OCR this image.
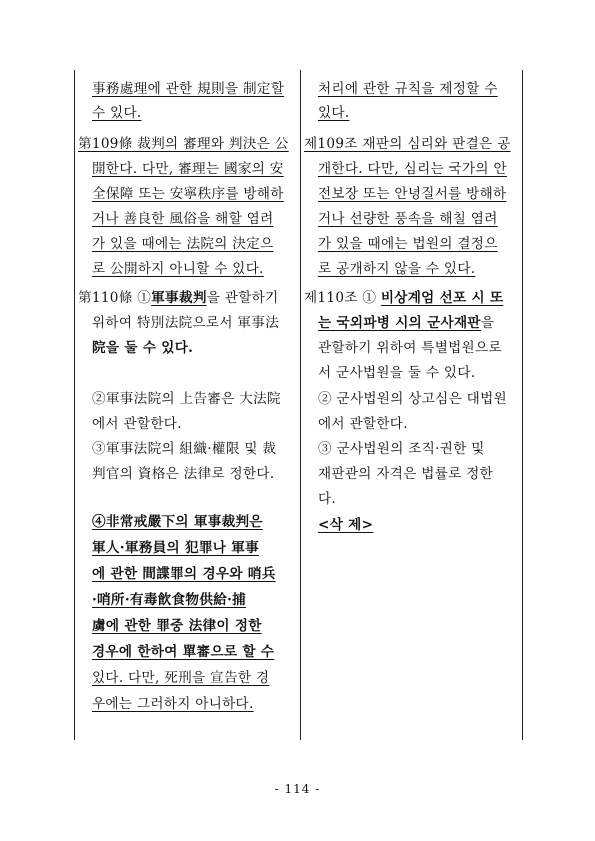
事務處理에 관한 規則을 制定할
수 있다.
第109條 裁判의 審理와 判決은 公
開한다. 다만, 審理는 國家의 安
全保障 또는 安寧秩序를 방해하
거나 善良한 風俗을 해할 염려
가 있을 때에는 法院의 決定으
로 公開하지 아니할 수 있다.
第110條 ①軍事裁判을 관할하기
위하여 特別法院으로서 軍事法
院을 둘 수 있다.
②軍事法院의 上告審은 大法院
에서 관할한다.
③軍事法院의 組織·權限 및 裁
判官의 資格은 法律로 정한다.
④非常戒嚴下의 軍事裁判은
軍人·軍務員의 犯罪나 軍事
에 관한 間諜罪의 경우와 哨兵
·哨所·有毒飮食物供給·捕
虜에 관한 罪중 法律이 정한
경우에 한하여 單審으로 할 수
있다. 다만, 死刑을 宣告한 경
우에는 그러하지 아니하다.
처리에 관한 규칙을 제정할 수
있다.
제109조 재판의 심리와 판결은 공
개한다. 다만, 심리는 국가의 안
전보장 또는 안녕질서를 방해하
거나 선량한 풍속을 해칠 염려
가 있을 때에는 법원의 결정으
로 공개하지 않을 수 있다.
제110조 ① 비상계엄 선포 시 또
는 국외파병 시의 군사재판을
관할하기 위하여 특별법원으로
서 군사법원을 둘 수 있다.
② 군사법원의 상고심은 대법원
에서 관할한다.
③ 군사법원의 조직·권한 및
재판관의 자격은 법률로 정한
다.
<삭 제>
- 114 -
